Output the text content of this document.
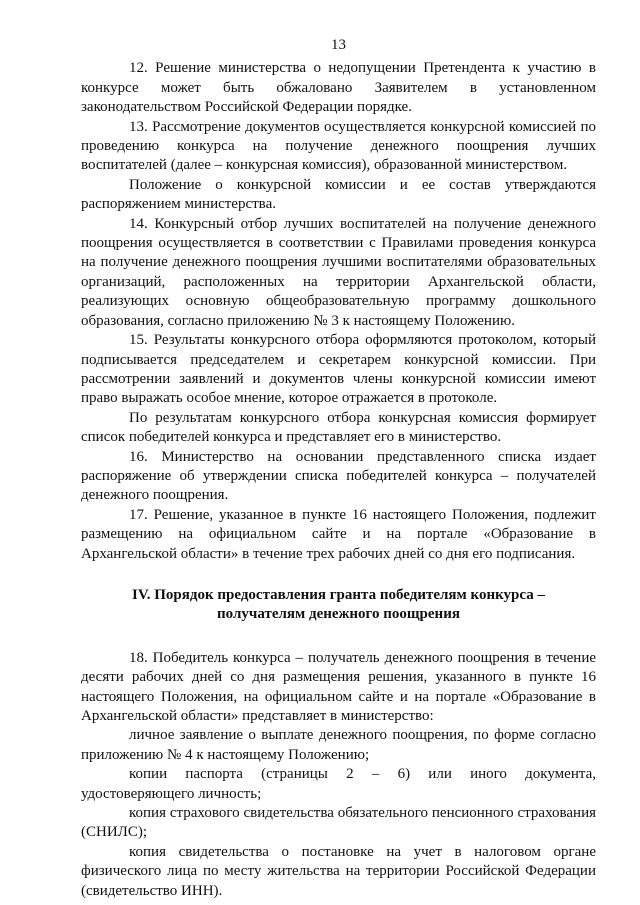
13

12. Решение министерства о недопущении Претендента к участию в конкурсе может быть обжаловано Заявителем в установленном законодательством Российской Федерации порядке.

13. Рассмотрение документов осуществляется конкурсной комиссией по проведению конкурса на получение денежного поощрения лучших воспитателей (далее – конкурсная комиссия), образованной министерством.

Положение о конкурсной комиссии и ее состав утверждаются распоряжением министерства.

14. Конкурсный отбор лучших воспитателей на получение денежного поощрения осуществляется в соответствии с Правилами проведения конкурса на получение денежного поощрения лучшими воспитателями образовательных организаций, расположенных на территории Архангельской области, реализующих основную общеобразовательную программу дошкольного образования, согласно приложению № 3 к настоящему Положению.

15. Результаты конкурсного отбора оформляются протоколом, который подписывается председателем и секретарем конкурсной комиссии. При рассмотрении заявлений и документов члены конкурсной комиссии имеют право выражать особое мнение, которое отражается в протоколе.

По результатам конкурсного отбора конкурсная комиссия формирует список победителей конкурса и представляет его в министерство.

16. Министерство на основании представленного списка издает распоряжение об утверждении списка победителей конкурса – получателей денежного поощрения.

17. Решение, указанное в пункте 16 настоящего Положения, подлежит размещению на официальном сайте и на портале «Образование в Архангельской области» в течение трех рабочих дней со дня его подписания.

IV. Порядок предоставления гранта победителям конкурса –
получателям денежного поощрения

18. Победитель конкурса – получатель денежного поощрения в течение десяти рабочих дней со дня размещения решения, указанного в пункте 16 настоящего Положения, на официальном сайте и на портале «Образование в Архангельской области» представляет в министерство:

личное заявление о выплате денежного поощрения, по форме согласно приложению № 4 к настоящему Положению;

копии паспорта (страницы 2 – 6) или иного документа, удостоверяющего личность;

копия страхового свидетельства обязательного пенсионного страхования (СНИЛС);

копия свидетельства о постановке на учет в налоговом органе физического лица по месту жительства на территории Российской Федерации (свидетельство ИНН).
